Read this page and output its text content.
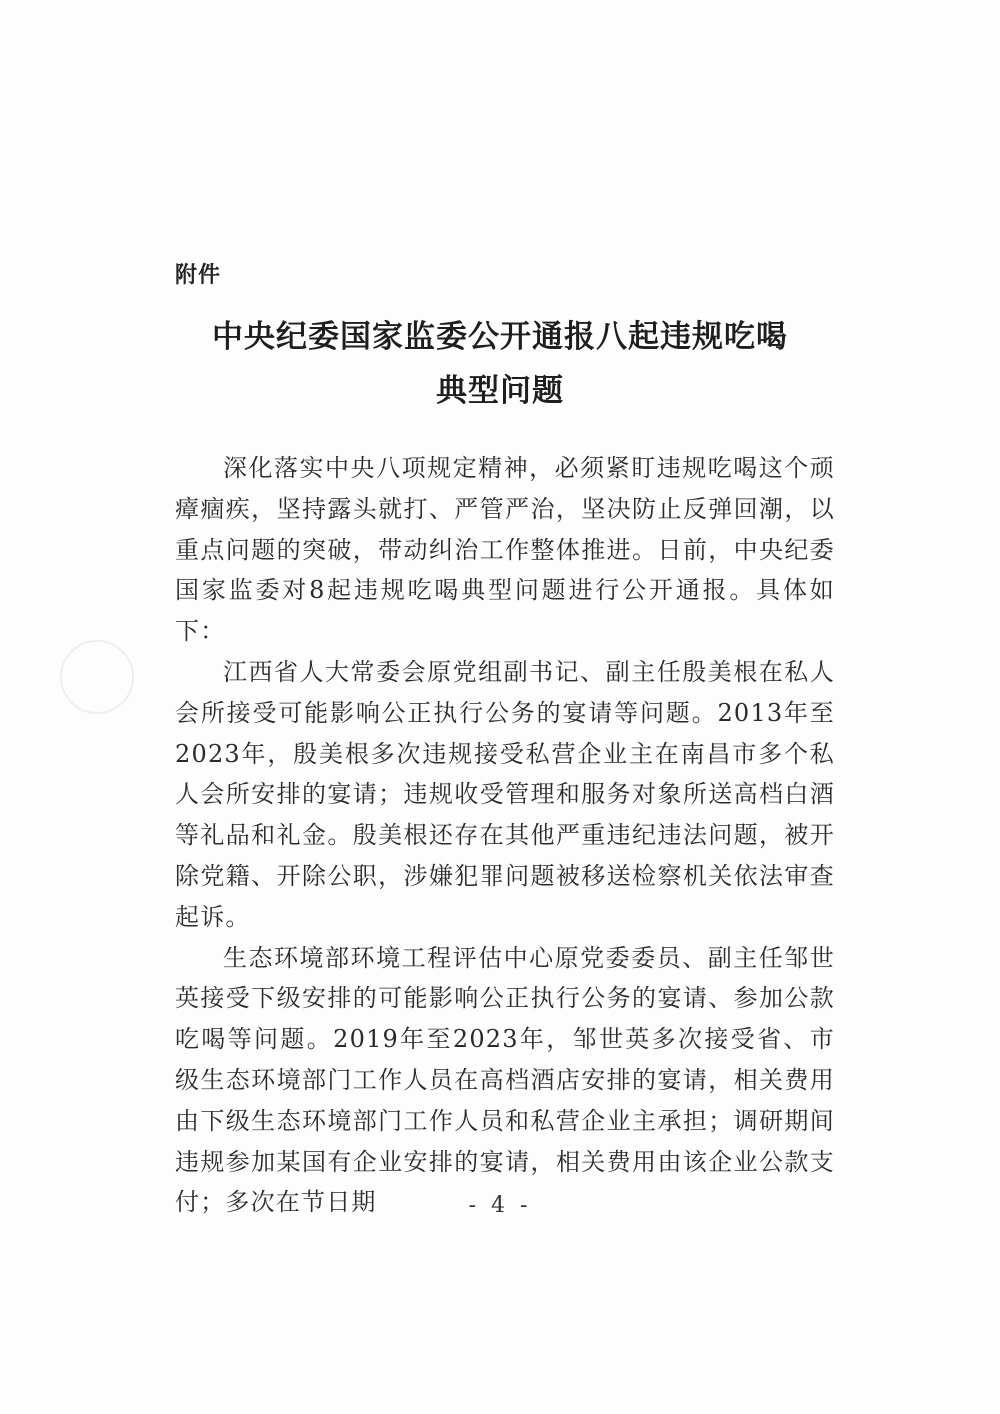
附件
中央纪委国家监委公开通报八起违规吃喝
典型问题

深化落实中央八项规定精神，必须紧盯违规吃喝这个顽瘴痼疾，坚持露头就打、严管严治，坚决防止反弹回潮，以重点问题的突破，带动纠治工作整体推进。日前，中央纪委国家监委对8起违规吃喝典型问题进行公开通报。具体如下：

江西省人大常委会原党组副书记、副主任殷美根在私人会所接受可能影响公正执行公务的宴请等问题。2013年至2023年，殷美根多次违规接受私营企业主在南昌市多个私人会所安排的宴请；违规收受管理和服务对象所送高档白酒等礼品和礼金。殷美根还存在其他严重违纪违法问题，被开除党籍、开除公职，涉嫌犯罪问题被移送检察机关依法审查起诉。

生态环境部环境工程评估中心原党委委员、副主任邹世英接受下级安排的可能影响公正执行公务的宴请、参加公款吃喝等问题。2019年至2023年，邹世英多次接受省、市级生态环境部门工作人员在高档酒店安排的宴请，相关费用由下级生态环境部门工作人员和私营企业主承担；调研期间违规参加某国有企业安排的宴请，相关费用由该企业公款支付；多次在节日期	- 4 -
